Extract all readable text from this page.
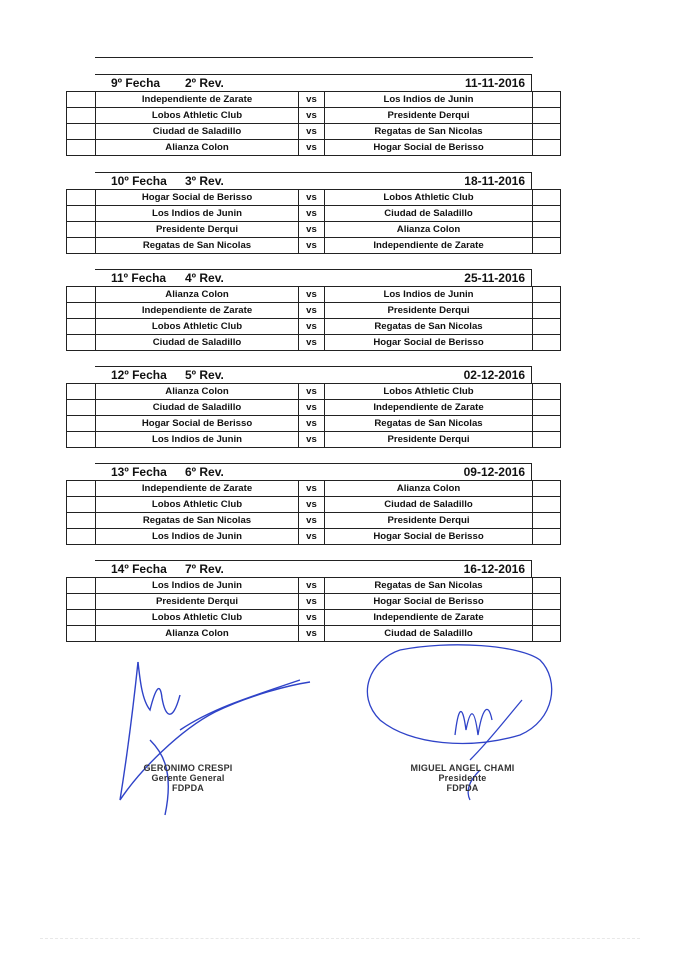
9º Fecha 2º Rev.	11-11-2016
	Independiente de Zarate	vs	Los Indios de Junin	
	Lobos Athletic Club	vs	Presidente Derqui	
	Ciudad de Saladillo	vs	Regatas de San Nicolas	
	Alianza Colon	vs	Hogar Social de Berisso	
10º Fecha 3º Rev.	18-11-2016
	Hogar Social de Berisso	vs	Lobos Athletic Club	
	Los Indios de Junin	vs	Ciudad de Saladillo	
	Presidente Derqui	vs	Alianza Colon	
	Regatas de San Nicolas	vs	Independiente de Zarate	
11º Fecha 4º Rev.	25-11-2016
	Alianza Colon	vs	Los Indios de Junin	
	Independiente de Zarate	vs	Presidente Derqui	
	Lobos Athletic Club	vs	Regatas de San Nicolas	
	Ciudad de Saladillo	vs	Hogar Social de Berisso	
12º Fecha 5º Rev.	02-12-2016
	Alianza Colon	vs	Lobos Athletic Club	
	Ciudad de Saladillo	vs	Independiente de Zarate	
	Hogar Social de Berisso	vs	Regatas de San Nicolas	
	Los Indios de Junin	vs	Presidente Derqui	
13º Fecha 6º Rev.	09-12-2016
	Independiente de Zarate	vs	Alianza Colon	
	Lobos Athletic Club	vs	Ciudad de Saladillo	
	Regatas de San Nicolas	vs	Presidente Derqui	
	Los Indios de Junin	vs	Hogar Social de Berisso	
14º Fecha 7º Rev.	16-12-2016
	Los Indios de Junin	vs	Regatas de San Nicolas	
	Presidente Derqui	vs	Hogar Social de Berisso	
	Lobos Athletic Club	vs	Independiente de Zarate	
	Alianza Colon	vs	Ciudad de Saladillo	
GERONIMO CRESPI
Gerente General
FDPDA
MIGUEL ANGEL CHAMI
Presidente
FDPDA
